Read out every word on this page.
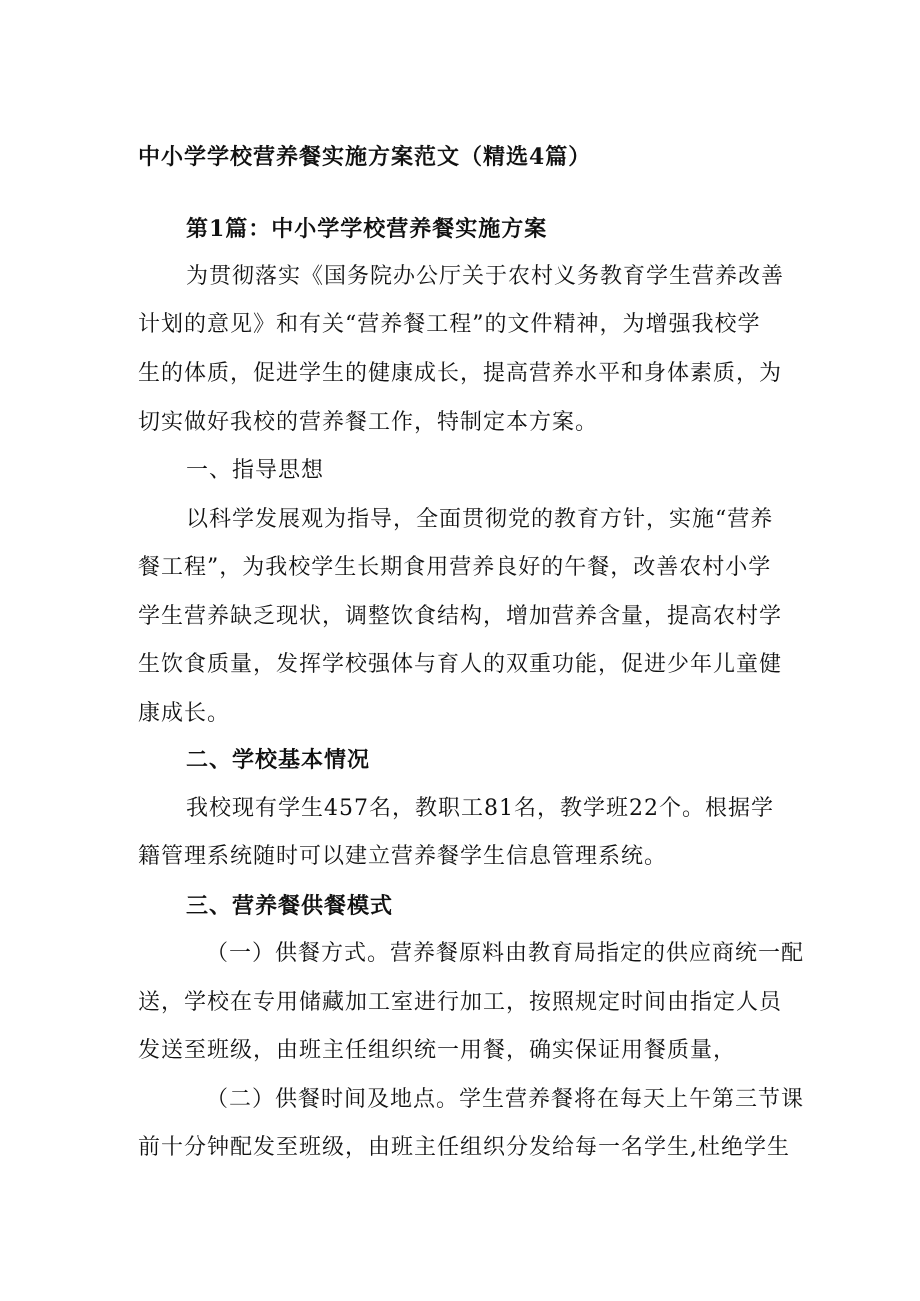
中小学学校营养餐实施方案范文（精选4篇）
第1篇：中小学学校营养餐实施方案
为贯彻落实《国务院办公厅关于农村义务教育学生营养改善
计划的意见》和有关“营养餐工程”的文件精神，为增强我校学
生的体质，促进学生的健康成长，提高营养水平和身体素质，为
切实做好我校的营养餐工作，特制定本方案。
一、指导思想
以科学发展观为指导，全面贯彻党的教育方针，实施“营养
餐工程”，为我校学生长期食用营养良好的午餐，改善农村小学
学生营养缺乏现状，调整饮食结构，增加营养含量，提高农村学
生饮食质量，发挥学校强体与育人的双重功能，促进少年儿童健
康成长。
二、学校基本情况
我校现有学生457名，教职工81名，教学班22个。根据学
籍管理系统随时可以建立营养餐学生信息管理系统。
三、营养餐供餐模式
（一）供餐方式。营养餐原料由教育局指定的供应商统一配
送，学校在专用储藏加工室进行加工，按照规定时间由指定人员
发送至班级，由班主任组织统一用餐，确实保证用餐质量，
（二）供餐时间及地点。学生营养餐将在每天上午第三节课
前十分钟配发至班级，由班主任组织分发给每一名学生,杜绝学生
